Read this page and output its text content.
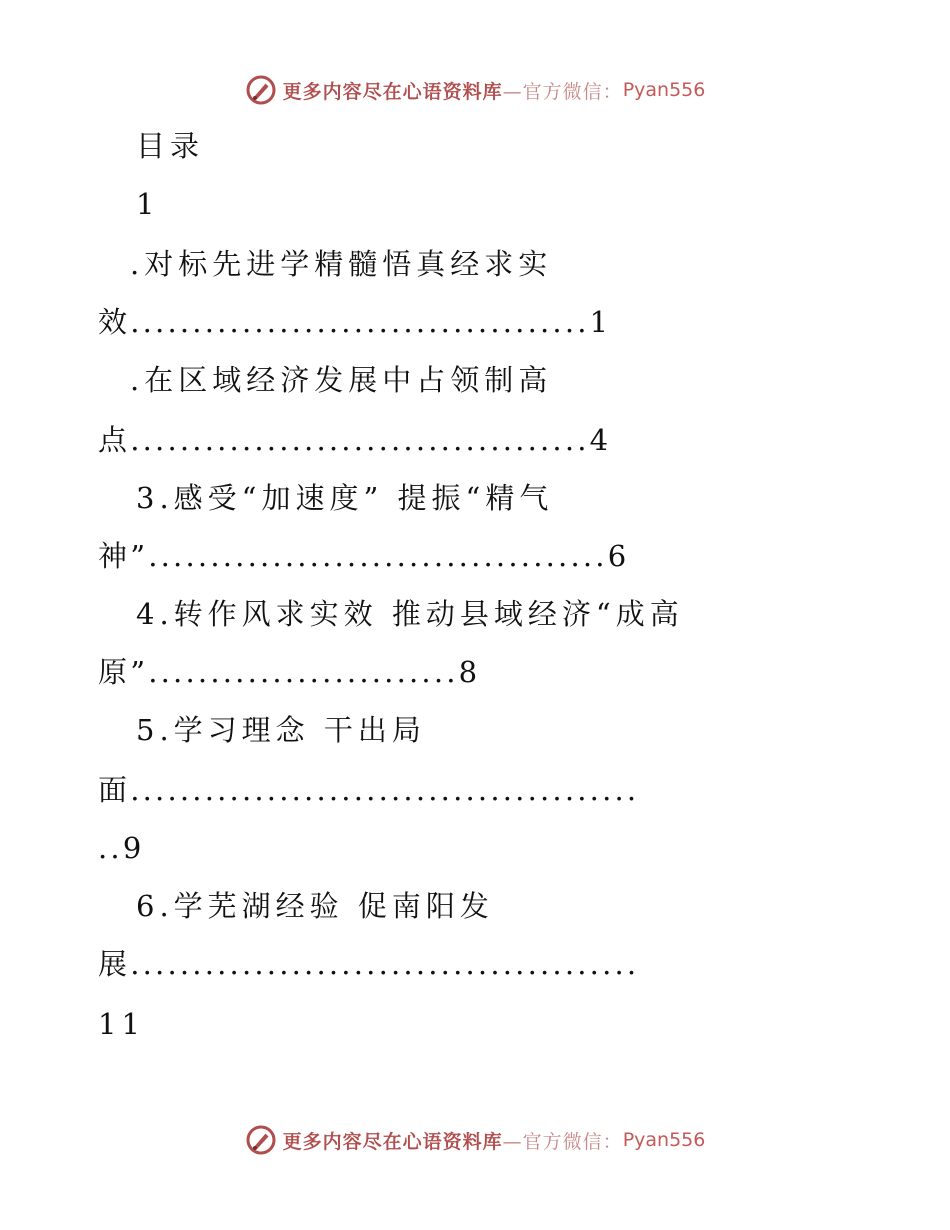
更多内容尽在心语资料库 —官方微信： Pyan556
目录
1
.对标先进学精髓悟真经求实
效.....................................1
.在区域经济发展中占领制高
点.....................................4
3.感受“加速度” 提振“精气
神”.....................................6
4.转作风求实效 推动县域经济“成高
原”.........................8
5.学习理念 干出局
面.........................................
..9
6.学芜湖经验 促南阳发
展.........................................
11
更多内容尽在心语资料库 —官方微信： Pyan556
